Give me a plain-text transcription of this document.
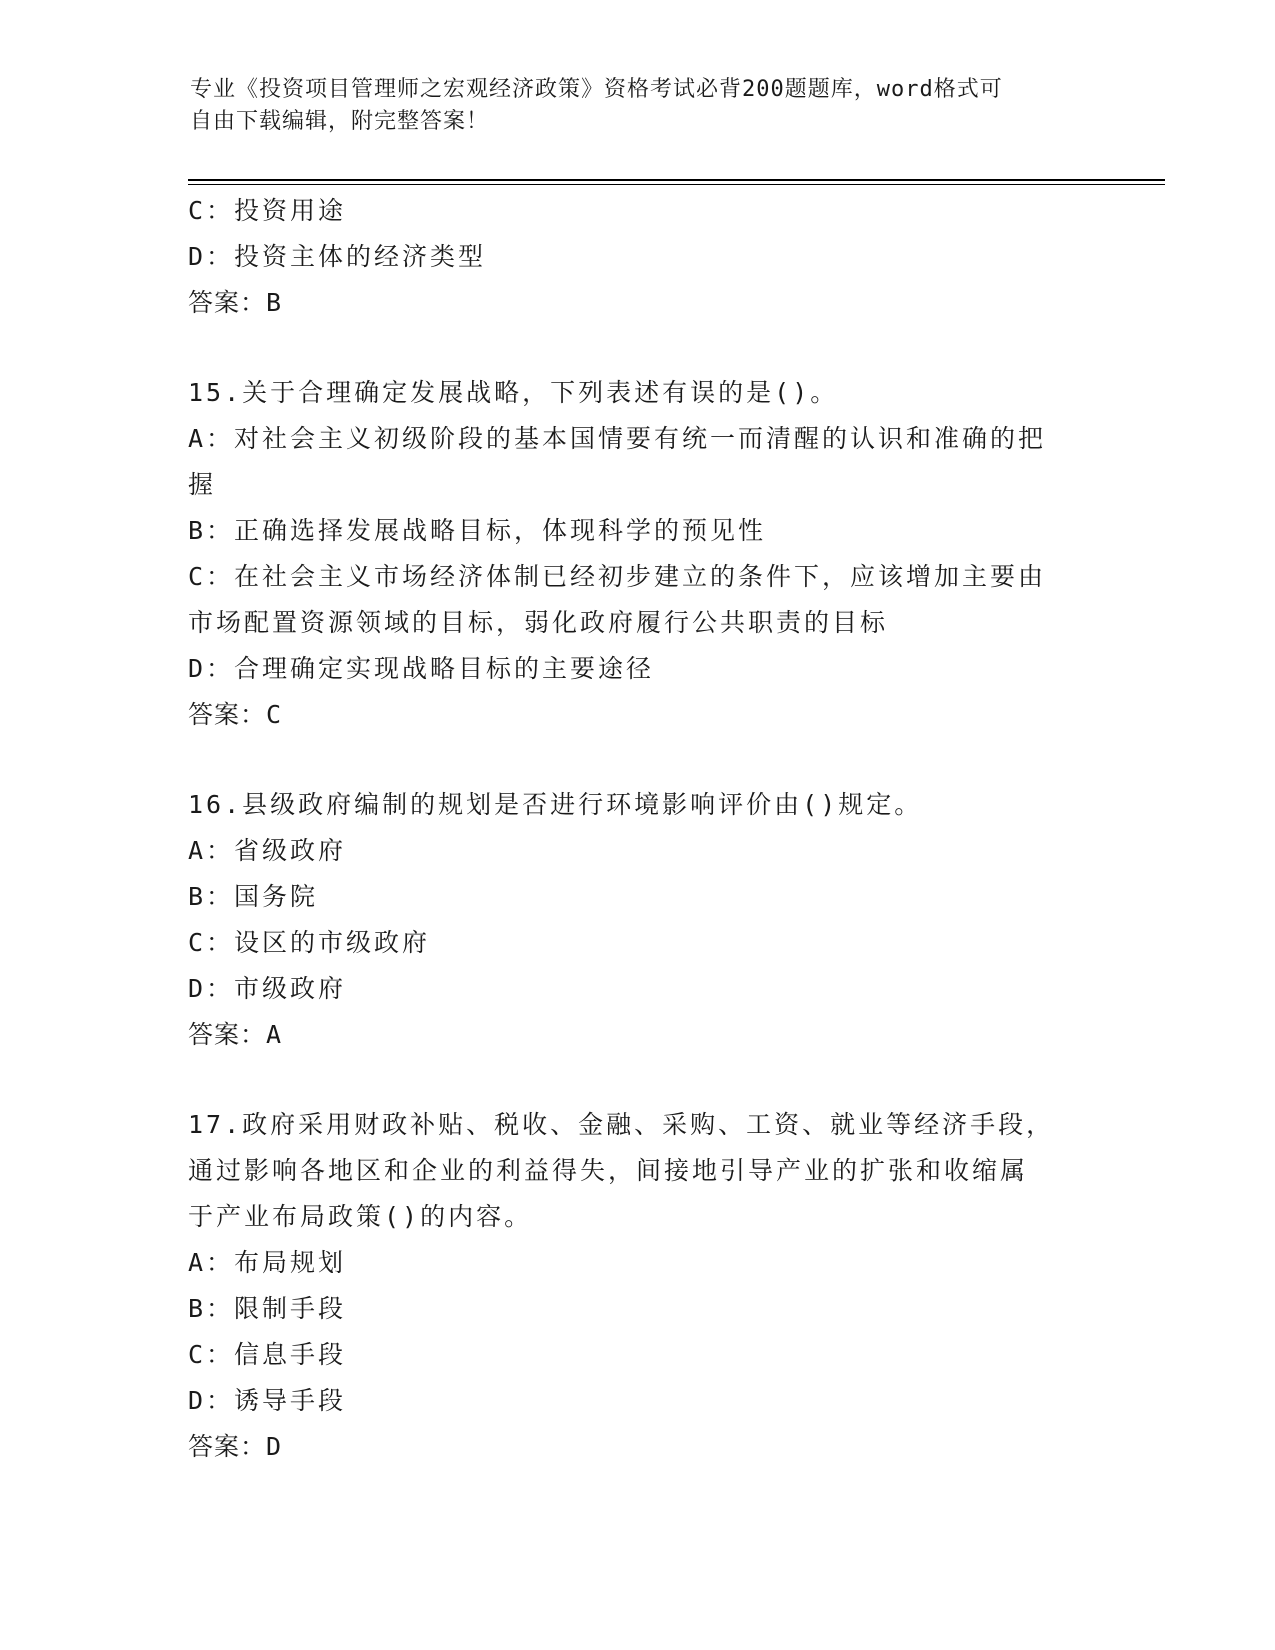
专业《投资项目管理师之宏观经济政策》资格考试必背200题题库，word格式可
自由下载编辑，附完整答案！
C：投资用途
D：投资主体的经济类型
答案：B
15.关于合理确定发展战略，下列表述有误的是()。
A：对社会主义初级阶段的基本国情要有统一而清醒的认识和准确的把
握
B：正确选择发展战略目标，体现科学的预见性
C：在社会主义市场经济体制已经初步建立的条件下，应该增加主要由
市场配置资源领域的目标，弱化政府履行公共职责的目标
D：合理确定实现战略目标的主要途径
答案：C
16.县级政府编制的规划是否进行环境影响评价由()规定。
A：省级政府
B：国务院
C：设区的市级政府
D：市级政府
答案：A
17.政府采用财政补贴、税收、金融、采购、工资、就业等经济手段，
通过影响各地区和企业的利益得失，间接地引导产业的扩张和收缩属
于产业布局政策()的内容。
A：布局规划
B：限制手段
C：信息手段
D：诱导手段
答案：D
